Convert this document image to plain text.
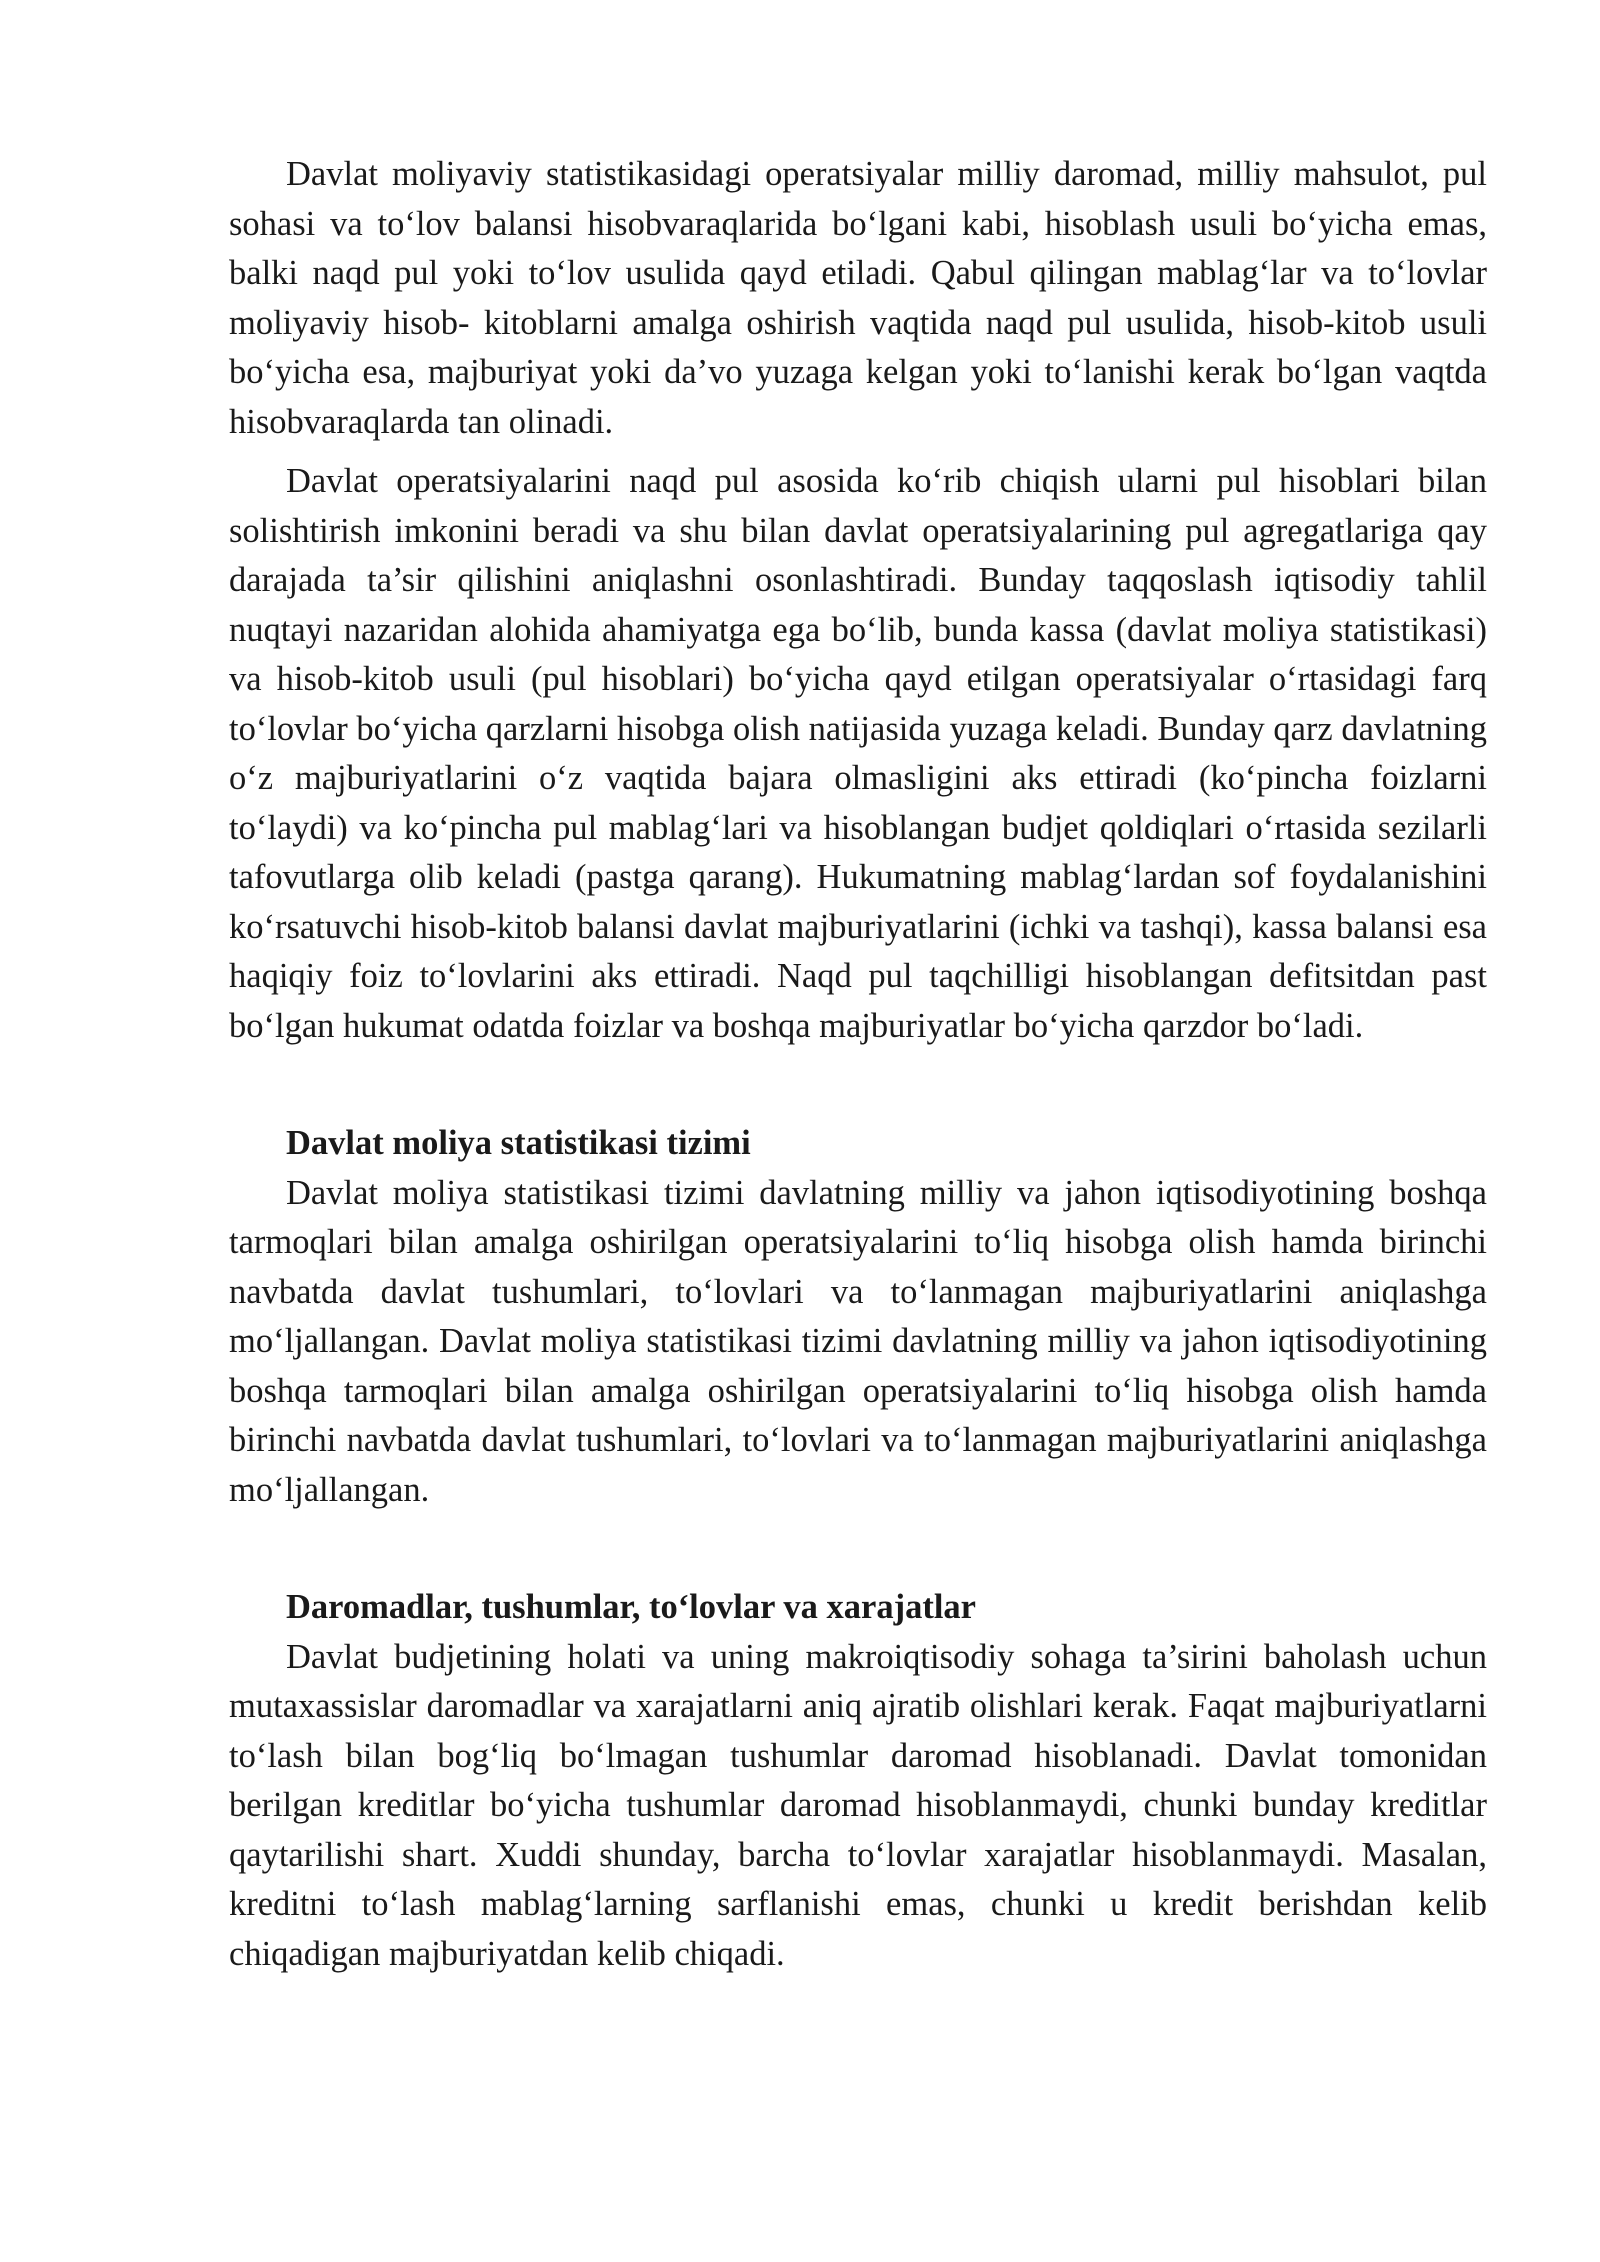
Davlat moliyaviy statistikasidagi operatsiyalar milliy daromad, milliy mahsulot, pul sohasi va to‘lov balansi hisobvaraqlarida bo‘lgani kabi, hisoblash usuli bo‘yicha emas, balki naqd pul yoki to‘lov usulida qayd etiladi. Qabul qilingan mablag‘lar va to‘lovlar moliyaviy hisob- kitoblarni amalga oshirish vaqtida naqd pul usulida, hisob-kitob usuli bo‘yicha esa, majburiyat yoki da’vo yuzaga kelgan yoki to‘lanishi kerak bo‘lgan vaqtda hisobvaraqlarda tan olinadi.

Davlat operatsiyalarini naqd pul asosida ko‘rib chiqish ularni pul hisoblari bilan solishtirish imkonini beradi va shu bilan davlat operatsiyalarining pul agregatlariga qay darajada ta’sir qilishini aniqlashni osonlashtiradi. Bunday taqqoslash iqtisodiy tahlil nuqtayi nazaridan alohida ahamiyatga ega bo‘lib, bunda kassa (davlat moliya statistikasi) va hisob-kitob usuli (pul hisoblari) bo‘yicha qayd etilgan operatsiyalar o‘rtasidagi farq to‘lovlar bo‘yicha qarzlarni hisobga olish natijasida yuzaga keladi. Bunday qarz davlatning o‘z majburiyatlarini o‘z vaqtida bajara olmasligini aks ettiradi (ko‘pincha foizlarni to‘laydi) va ko‘pincha pul mablag‘lari va hisoblangan budjet qoldiqlari o‘rtasida sezilarli tafovutlarga olib keladi (pastga qarang). Hukumatning mablag‘lardan sof foydalanishini ko‘rsatuvchi hisob-kitob balansi davlat majburiyatlarini (ichki va tashqi), kassa balansi esa haqiqiy foiz to‘lovlarini aks ettiradi. Naqd pul taqchilligi hisoblangan defitsitdan past bo‘lgan hukumat odatda foizlar va boshqa majburiyatlar bo‘yicha qarzdor bo‘ladi.

Davlat moliya statistikasi tizimi

Davlat moliya statistikasi tizimi davlatning milliy va jahon iqtisodiyotining boshqa tarmoqlari bilan amalga oshirilgan operatsiyalarini to‘liq hisobga olish hamda birinchi navbatda davlat tushumlari, to‘lovlari va to‘lanmagan majburiyatlarini aniqlashga mo‘ljallangan. Davlat moliya statistikasi tizimi davlatning milliy va jahon iqtisodiyotining boshqa tarmoqlari bilan amalga oshirilgan operatsiyalarini to‘liq hisobga olish hamda birinchi navbatda davlat tushumlari, to‘lovlari va to‘lanmagan majburiyatlarini aniqlashga mo‘ljallangan.

Daromadlar, tushumlar, to‘lovlar va xarajatlar

Davlat budjetining holati va uning makroiqtisodiy sohaga ta’sirini baholash uchun mutaxassislar daromadlar va xarajatlarni aniq ajratib olishlari kerak. Faqat majburiyatlarni to‘lash bilan bog‘liq bo‘lmagan tushumlar daromad hisoblanadi. Davlat tomonidan berilgan kreditlar bo‘yicha tushumlar daromad hisoblanmaydi, chunki bunday kreditlar qaytarilishi shart. Xuddi shunday, barcha to‘lovlar xarajatlar hisoblanmaydi. Masalan, kreditni to‘lash mablag‘larning sarflanishi emas, chunki u kredit berishdan kelib chiqadigan majburiyatdan kelib chiqadi.
